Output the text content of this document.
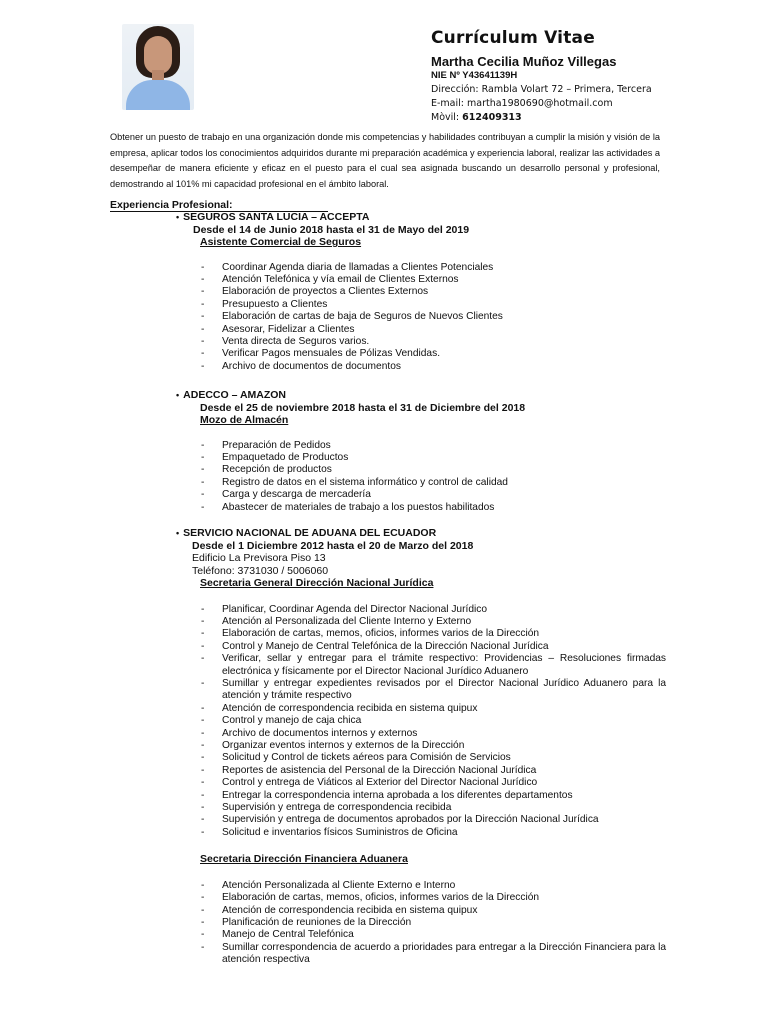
Currículum Vitae
Martha Cecilia Muñoz Villegas
NIE Nº Y43641139H
Dirección: Rambla Volart 72 – Primera, Tercera
E-mail: martha1980690@hotmail.com
Mòvil: 612409313

Obtener un puesto de trabajo en una organización donde mis competencias y habilidades contribuyan a cumplir la misión y visión de la empresa, aplicar todos los conocimientos adquiridos durante mi preparación académica y experiencia laboral, realizar las actividades a desempeñar de manera eficiente y eficaz en el puesto para el cual sea asignada buscando un desarrollo personal y profesional, demostrando al 101% mi capacidad profesional en el ámbito laboral.

Experiencia Profesional:
• SEGUROS SANTA LUCIA – ACCEPTA
Desde el 14 de Junio 2018 hasta el 31 de Mayo del 2019
Asistente Comercial de Seguros
- Coordinar Agenda diaria de llamadas a Clientes Potenciales
- Atención Telefónica y vía email de Clientes Externos
- Elaboración de proyectos a Clientes Externos
- Presupuesto a Clientes
- Elaboración de cartas de baja de Seguros de Nuevos Clientes
- Asesorar, Fidelizar a Clientes
- Venta directa de Seguros varios.
- Verificar Pagos mensuales de Pólizas Vendidas.
- Archivo de documentos de documentos
• ADECCO – AMAZON
Desde el 25 de noviembre 2018 hasta el 31 de Diciembre del 2018
Mozo de Almacén
- Preparación de Pedidos
- Empaquetado de Productos
- Recepción de productos
- Registro de datos en el sistema informático y control de calidad
- Carga y descarga de mercadería
- Abastecer de materiales de trabajo a los puestos habilitados
• SERVICIO NACIONAL DE ADUANA DEL ECUADOR
Desde el 1 Diciembre 2012 hasta el 20 de Marzo del 2018
Edificio La Previsora Piso 13
Teléfono: 3731030 / 5006060
Secretaria General Dirección Nacional Jurídica
- Planificar, Coordinar Agenda del Director Nacional Jurídico
- Atención al Personalizada del Cliente Interno y Externo
- Elaboración de cartas, memos, oficios, informes varios de la Dirección
- Control y Manejo de Central Telefónica de la Dirección Nacional Jurídica
- Verificar, sellar y entregar para el trámite respectivo: Providencias – Resoluciones firmadas electrónica y físicamente por el Director Nacional Jurídico Aduanero
- Sumillar y entregar expedientes revisados por el Director Nacional Jurídico Aduanero para la atención y trámite respectivo
- Atención de correspondencia recibida en sistema quipux
- Control y manejo de caja chica
- Archivo de documentos internos y externos
- Organizar eventos internos y externos de la Dirección
- Solicitud y Control de tickets aéreos para Comisión de Servicios
- Reportes de asistencia del Personal de la Dirección Nacional Jurídica
- Control y entrega de Viáticos al Exterior del Director Nacional Jurídico
- Entregar la correspondencia interna aprobada a los diferentes departamentos
- Supervisión y entrega de correspondencia recibida
- Supervisión y entrega de documentos aprobados por la Dirección Nacional Jurídica
- Solicitud e inventarios físicos Suministros de Oficina
Secretaria Dirección Financiera Aduanera
- Atención Personalizada al Cliente Externo e Interno
- Elaboración de cartas, memos, oficios, informes varios de la Dirección
- Atención de correspondencia recibida en sistema quipux
- Planificación de reuniones de la Dirección
- Manejo de Central Telefónica
- Sumillar correspondencia de acuerdo a prioridades para entregar a la Dirección Financiera para la atención respectiva
